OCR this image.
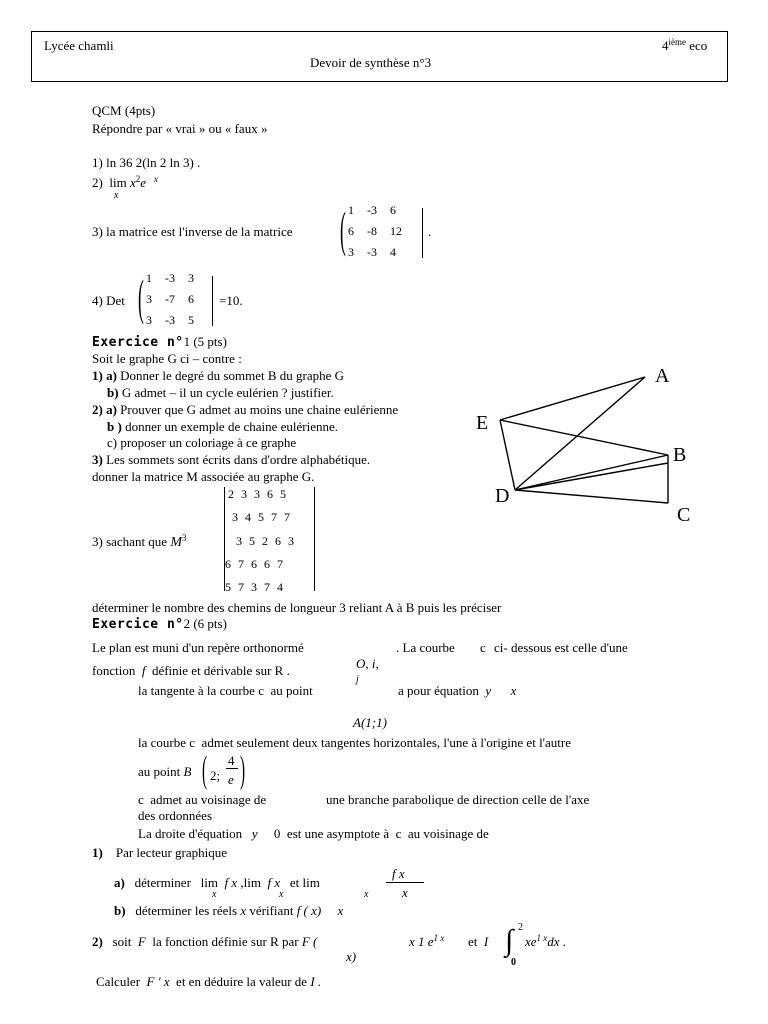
Lycée chamli	4ième eco
Devoir de synthèse n°3
QCM (4pts)
Répondre par « vrai » ou « faux »
1) ln 36 2(ln 2 ln 3) .
2) $\lim x^2e$ $^x$
x
3) la matrice est l'inverse de la matrice ( 1 -3 6
6 -8 12
3 -3 4
.
4) Det ( 1 -3 3
3 -7 6
3 -3 5
=10.
Exercice n°1 (5 pts)
Soit le graphe G ci – contre :
1) a) Donner le degré du sommet B du graphe G
b) G admet – il un cycle eulérien ? justifier.
2) a) Prouver que G admet au moins une chaine eulérienne
b ) donner un exemple de chaine eulérienne.
c) proposer un coloriage à ce graphe
3) Les sommets sont écrits dans d'ordre alphabétique.
donner la matrice M associée au graphe G.
3) sachant que $M^3$
2 3 3 6 5
3 4 5 7 7
3 5 2 6 3
6 7 6 6 7
5 7 3 7 4
déterminer le nombre des chemins de longueur 3 reliant A à B puis les préciser
A
B
C
D
E
Exercice n°2 (6 pts)
Le plan est muni d'un repère orthonormé	. La courbe c ci- dessous est celle d'une
O, i,
j
fonction f définie et dérivable sur R .
la tangente à la courbe c au point	a pour équation y x
A(1;1)
la courbe c admet seulement deux tangentes horizontales, l'une à l'origine et l'autre
au point B ( 2;
4
e )
c admet au voisinage de	une branche parabolique de direction celle de l'axe
des ordonnées
La droite d'équation y 0 est une asymptote à c au voisinage de
1) Par lecteur graphique
a) déterminer lim f x ,lim f x et lim
x	x	x
f x
x
b) déterminer les réels x vérifiant f ( x) x
2) soit F la fonction définie sur R par F (	x 1 $e^{1 x}$ et I ∫ 2
0
$xe^{1 x}dx$ .
x)
Calculer F ' x et en déduire la valeur de I .
